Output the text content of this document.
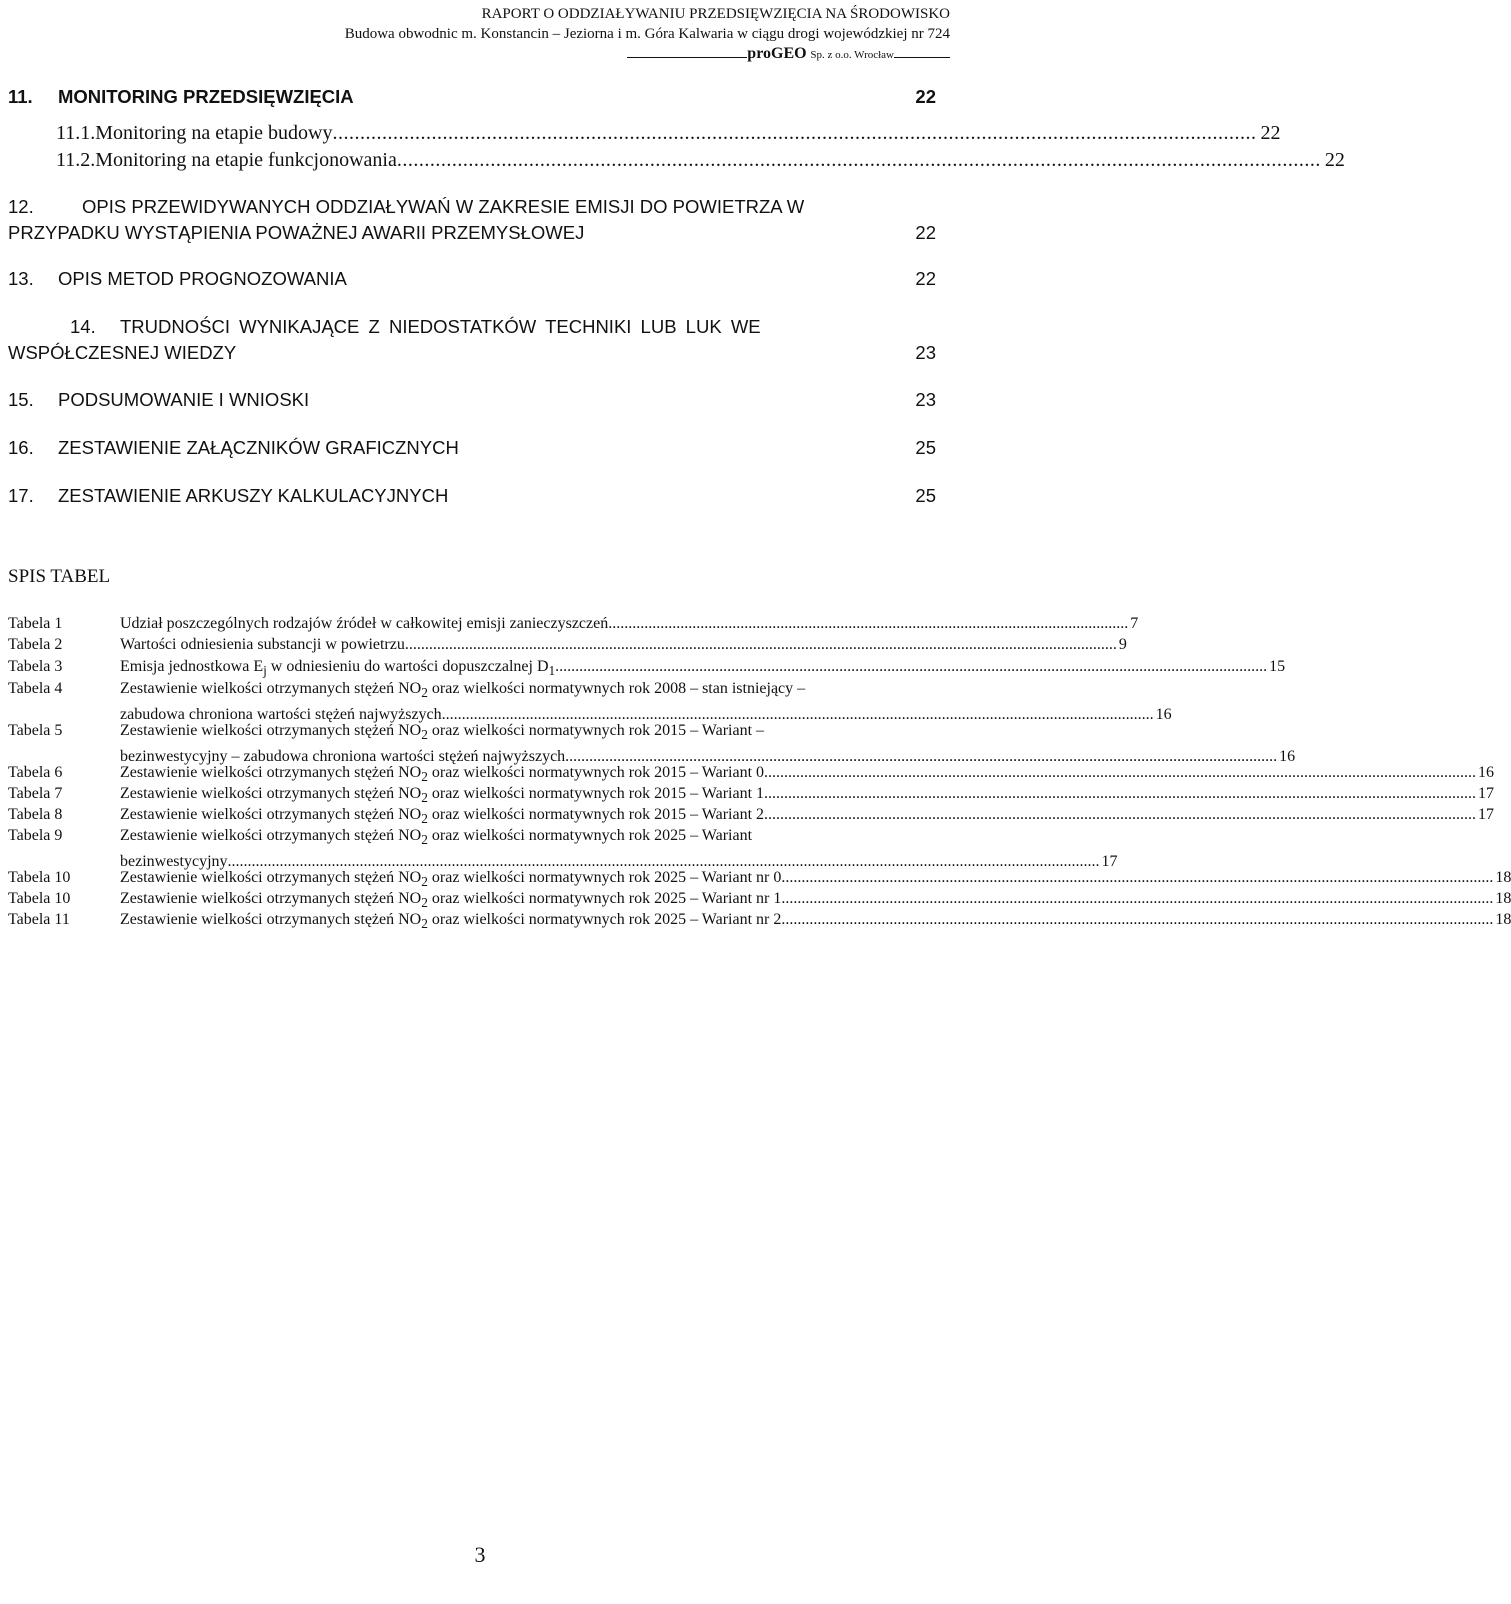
RAPORT O ODDZIAŁYWANIU PRZEDSIĘWZIĘCIA NA ŚRODOWISKO
Budowa obwodnic m. Konstancin – Jeziorna i m. Góra Kalwaria w ciągu drogi wojewódzkiej nr 724
proGEO Sp. z o.o. Wrocław
11.	MONITORING PRZEDSIĘWZIĘCIA	22
11.1. Monitoring na etapie budowy ........................................................................................................................................................................ 22
11.2. Monitoring na etapie funkcjonowania ........................................................................................................................................................................ 22
12.	OPIS PRZEWIDYWANYCH ODDZIAŁYWAŃ W ZAKRESIE EMISJI DO POWIETRZA W
PRZYPADKU WYSTĄPIENIA POWAŻNEJ AWARII PRZEMYSŁOWEJ	22
13.	OPIS METOD PROGNOZOWANIA	22
14.	TRUDNOŚCI WYNIKAJĄCE Z NIEDOSTATKÓW TECHNIKI LUB LUK WE
WSPÓŁCZESNEJ WIEDZY	23
15.	PODSUMOWANIE I WNIOSKI	23
16.	ZESTAWIENIE ZAŁĄCZNIKÓW GRAFICZNYCH	25
17.	ZESTAWIENIE ARKUSZY KALKULACYJNYCH	25
SPIS TABEL
Tabela 1	Udział poszczególnych rodzajów źródeł w całkowitej emisji zanieczyszczeń .................................................................................................................................. 7
Tabela 2	Wartości odniesienia substancji w powietrzu .................................................................................................................................................................................. 9
Tabela 3	Emisja jednostkowa $E_j$ w odniesieniu do wartości dopuszczalnej $D_1$ .................................................................................................................................................................................. 15
Tabela 4	Zestawienie wielkości otrzymanych stężeń $NO_2$ oraz wielkości normatywnych rok 2008 – stan istniejący –
zabudowa chroniona wartości stężeń najwyższych .................................................................................................................................................................................. 16
Tabela 5	Zestawienie wielkości otrzymanych stężeń $NO_2$ oraz wielkości normatywnych rok 2015 – Wariant –
bezinwestycyjny – zabudowa chroniona wartości stężeń najwyższych .................................................................................................................................................................................. 16
Tabela 6	Zestawienie wielkości otrzymanych stężeń $NO_2$ oraz wielkości normatywnych rok 2015 – Wariant 0 .................................................................................................................................................................................. 16
Tabela 7	Zestawienie wielkości otrzymanych stężeń $NO_2$ oraz wielkości normatywnych rok 2015 – Wariant 1 .................................................................................................................................................................................. 17
Tabela 8	Zestawienie wielkości otrzymanych stężeń $NO_2$ oraz wielkości normatywnych rok 2015 – Wariant 2 .................................................................................................................................................................................. 17
Tabela 9	Zestawienie wielkości otrzymanych stężeń $NO_2$ oraz wielkości normatywnych rok 2025 – Wariant
bezinwestycyjny .......................................................................................................................................................................................................................... 17
Tabela 10	Zestawienie wielkości otrzymanych stężeń $NO_2$ oraz wielkości normatywnych rok 2025 – Wariant nr 0 .................................................................................................................................................................................. 18
Tabela 10	Zestawienie wielkości otrzymanych stężeń $NO_2$ oraz wielkości normatywnych rok 2025 – Wariant nr 1 .................................................................................................................................................................................. 18
Tabela 11	Zestawienie wielkości otrzymanych stężeń $NO_2$ oraz wielkości normatywnych rok 2025 – Wariant nr 2 .................................................................................................................................................................................. 18
3
